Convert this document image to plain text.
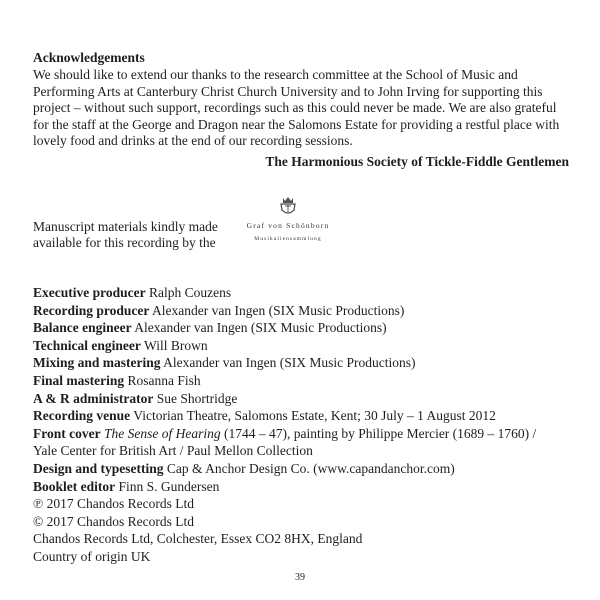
Acknowledgements
We should like to extend our thanks to the research committee at the School of Music and
Performing Arts at Canterbury Christ Church University and to John Irving for supporting this
project – without such support, recordings such as this could never be made. We are also grateful
for the staff at the George and Dragon near the Salomons Estate for providing a restful place with
lovely food and drinks at the end of our recording sessions.
The Harmonious Society of Tickle-Fiddle Gentlemen
Manuscript materials kindly made
available for this recording by the
Graf von Schönborn
Musikaliensammlung
Executive producer Ralph Couzens
Recording producer Alexander van Ingen (SIX Music Productions)
Balance engineer Alexander van Ingen (SIX Music Productions)
Technical engineer Will Brown
Mixing and mastering Alexander van Ingen (SIX Music Productions)
Final mastering Rosanna Fish
A & R administrator Sue Shortridge
Recording venue Victorian Theatre, Salomons Estate, Kent; 30 July – 1 August 2012
Front cover The Sense of Hearing (1744 – 47), painting by Philippe Mercier (1689 – 1760) /
Yale Center for British Art / Paul Mellon Collection
Design and typesetting Cap & Anchor Design Co. (www.capandanchor.com)
Booklet editor Finn S. Gundersen
℗ 2017 Chandos Records Ltd
© 2017 Chandos Records Ltd
Chandos Records Ltd, Colchester, Essex CO2 8HX, England
Country of origin UK
39
